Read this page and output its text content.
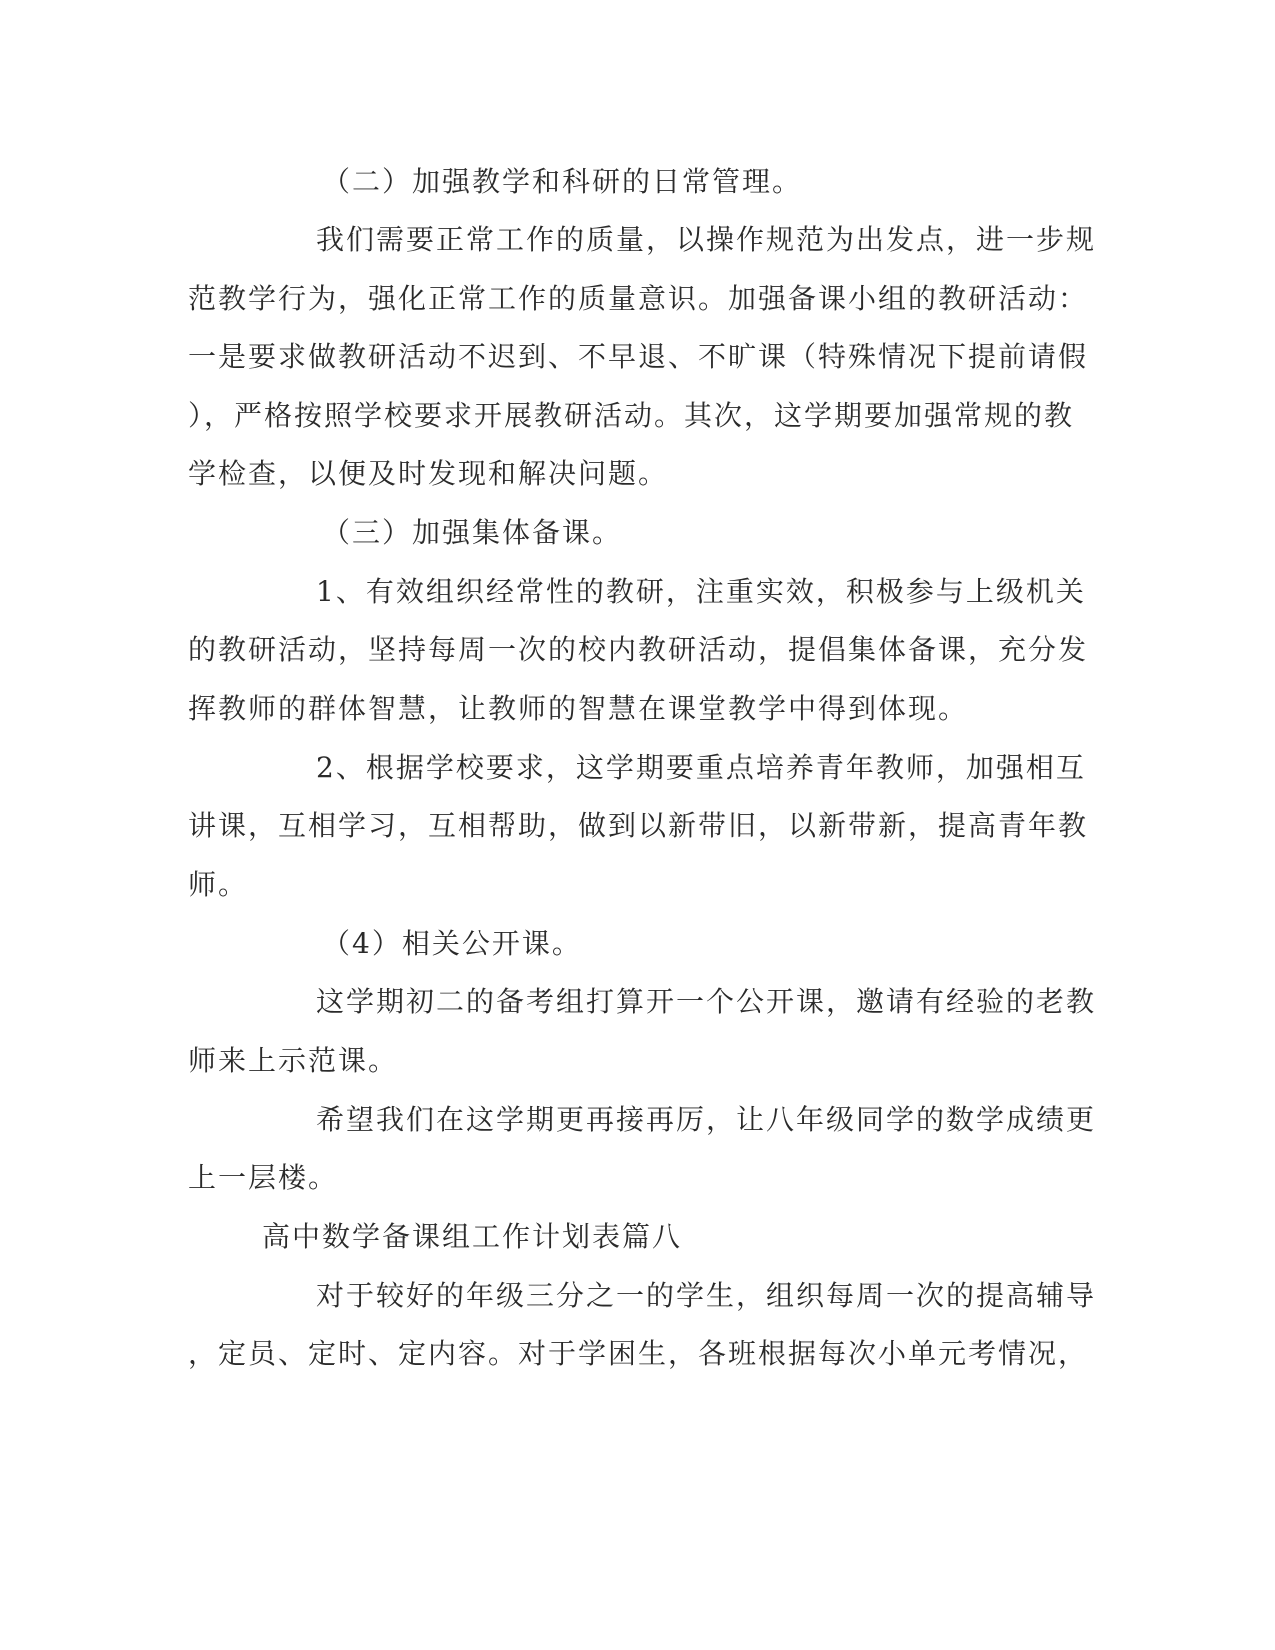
（二）加强教学和科研的日常管理。
我们需要正常工作的质量，以操作规范为出发点，进一步规
范教学行为，强化正常工作的质量意识。加强备课小组的教研活动：
一是要求做教研活动不迟到、不早退、不旷课（特殊情况下提前请假
），严格按照学校要求开展教研活动。其次，这学期要加强常规的教
学检查，以便及时发现和解决问题。
（三）加强集体备课。
1、有效组织经常性的教研，注重实效，积极参与上级机关
的教研活动，坚持每周一次的校内教研活动，提倡集体备课，充分发
挥教师的群体智慧，让教师的智慧在课堂教学中得到体现。
2、根据学校要求，这学期要重点培养青年教师，加强相互
讲课，互相学习，互相帮助，做到以新带旧，以新带新，提高青年教
师。
（4）相关公开课。
这学期初二的备考组打算开一个公开课，邀请有经验的老教
师来上示范课。
希望我们在这学期更再接再厉，让八年级同学的数学成绩更
上一层楼。
高中数学备课组工作计划表篇八
对于较好的年级三分之一的学生，组织每周一次的提高辅导
，定员、定时、定内容。对于学困生，各班根据每次小单元考情况，
